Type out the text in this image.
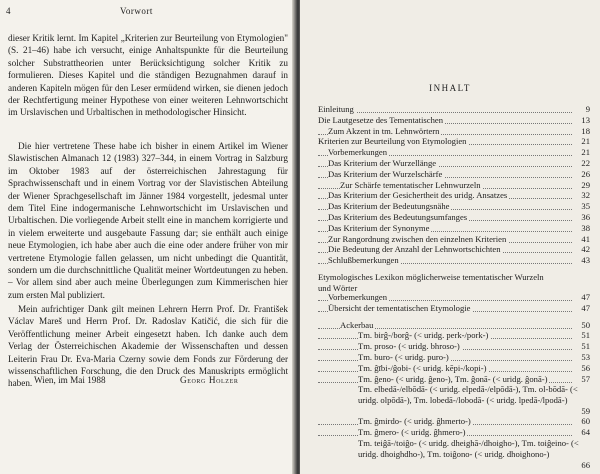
4	Vorwort

dieser Kritik lernt. Im Kapitel „Kriterien zur Beurteilung von Etymologien" (S. 21–46) habe ich versucht, einige Anhaltspunkte für die Beurteilung solcher Substrattheorien unter Berücksichtigung solcher Kritik zu formulieren. Dieses Kapitel und die ständigen Bezugnahmen darauf in anderen Kapiteln mögen für den Leser ermüdend wirken, sie dienen jedoch der Rechtfertigung meiner Hypothese von einer weiteren Lehnwortschicht im Urslavischen und Urbaltischen in methodologischer Hinsicht.

Die hier vertretene These habe ich bisher in einem Artikel im Wiener Slawistischen Almanach 12 (1983) 327–344, in einem Vortrag in Salzburg im Oktober 1983 auf der österreichischen Jahrestagung für Sprachwissenschaft und in einem Vortrag vor der Slavistischen Abteilung der Wiener Sprachgesellschaft im Jänner 1984 vorgestellt, jedesmal unter dem Titel Eine indogermanische Lehnwortschicht im Urslavischen und Urbaltischen. Die vorliegende Arbeit stellt eine in manchem korrigierte und in vielem erweiterte und ausgebaute Fassung dar; sie enthält auch einige neue Etymologien, ich habe aber auch die eine oder andere früher von mir vertretene Etymologie fallen gelassen, um nicht unbedingt die Quantität, sondern um die durchschnittliche Qualität meiner Wortdeutungen zu heben. – Vor allem sind aber auch meine Überlegungen zum Kimmerischen hier zum ersten Mal publiziert.

Mein aufrichtiger Dank gilt meinen Lehrern Herrn Prof. Dr. František Václav Mareš und Herrn Prof. Dr. Radoslav Katičić, die sich für die Veröffentlichung meiner Arbeit eingesetzt haben. Ich danke auch dem Verlag der Österreichischen Akademie der Wissenschaften und dessen Leiterin Frau Dr. Eva-Maria Czerny sowie dem Fonds zur Förderung der wissenschaftlichen Forschung, die den Druck des Manuskripts ermöglicht haben. Wien, im Mai 1988	Georg Holzer
INHALT
Einleitung	9
Die Lautgesetze des Tementatischen	13
Zum Akzent in tm. Lehnwörtern	18
Kriterien zur Beurteilung von Etymologien	21
Vorbemerkungen	21
Das Kriterium der Wurzellänge	22
Das Kriterium der Wurzelschärfe	26
Zur Schärfe tementatischer Lehnwurzeln	29
Das Kriterium der Gesichertheit des uridg. Ansatzes	32
Das Kriterium der Bedeutungsnähe	35
Das Kriterium des Bedeutungsumfanges	36
Das Kriterium der Synonyme	38
Zur Rangordnung zwischen den einzelnen Kriterien	41
Die Bedeutung der Anzahl der Lehnwortschichten	42
Schlußbemerkungen	43
Etymologisches Lexikon möglicherweise tementatischer Wurzeln und Wörter
Vorbemerkungen	47
Übersicht der tementatischen Etymologie	47
Ackerbau	50
Tm. birĝ-/borĝ- (< uridg. perk-/pork-)	51
Tm. proso- (< uridg. bhroso-)	51
Tm. buro- (< uridg. puro-)	53
Tm. ĝībi-/ĝobi- (< uridg. kēpi-/kopi-)	56
Tm. ĝeno- (< uridg. ĝeno-), Tm. ĝonā- (< uridg. ĝonā-)	57
Tm. elbedā-/elbōdā- (< uridg. elpedā-/elpōdā-), Tm. ol-bōdā- (< uridg. olpōdā-), Tm. lobedā-/lobodā- (< uridg. lpedā-/lpodā-)
59
Tm. ĝmirdo- (< uridg. ĝhmerto-)	60
Tm. ĝmero- (< uridg. ĝhmero-)	64
Tm. teiĝā-/toiĝo- (< uridg. dheighā-/dhoigho-), Tm. toiĝeino- (< uridg. dhoighdho-), Tm. toiĝono- (< uridg. dhoighono-)
66
